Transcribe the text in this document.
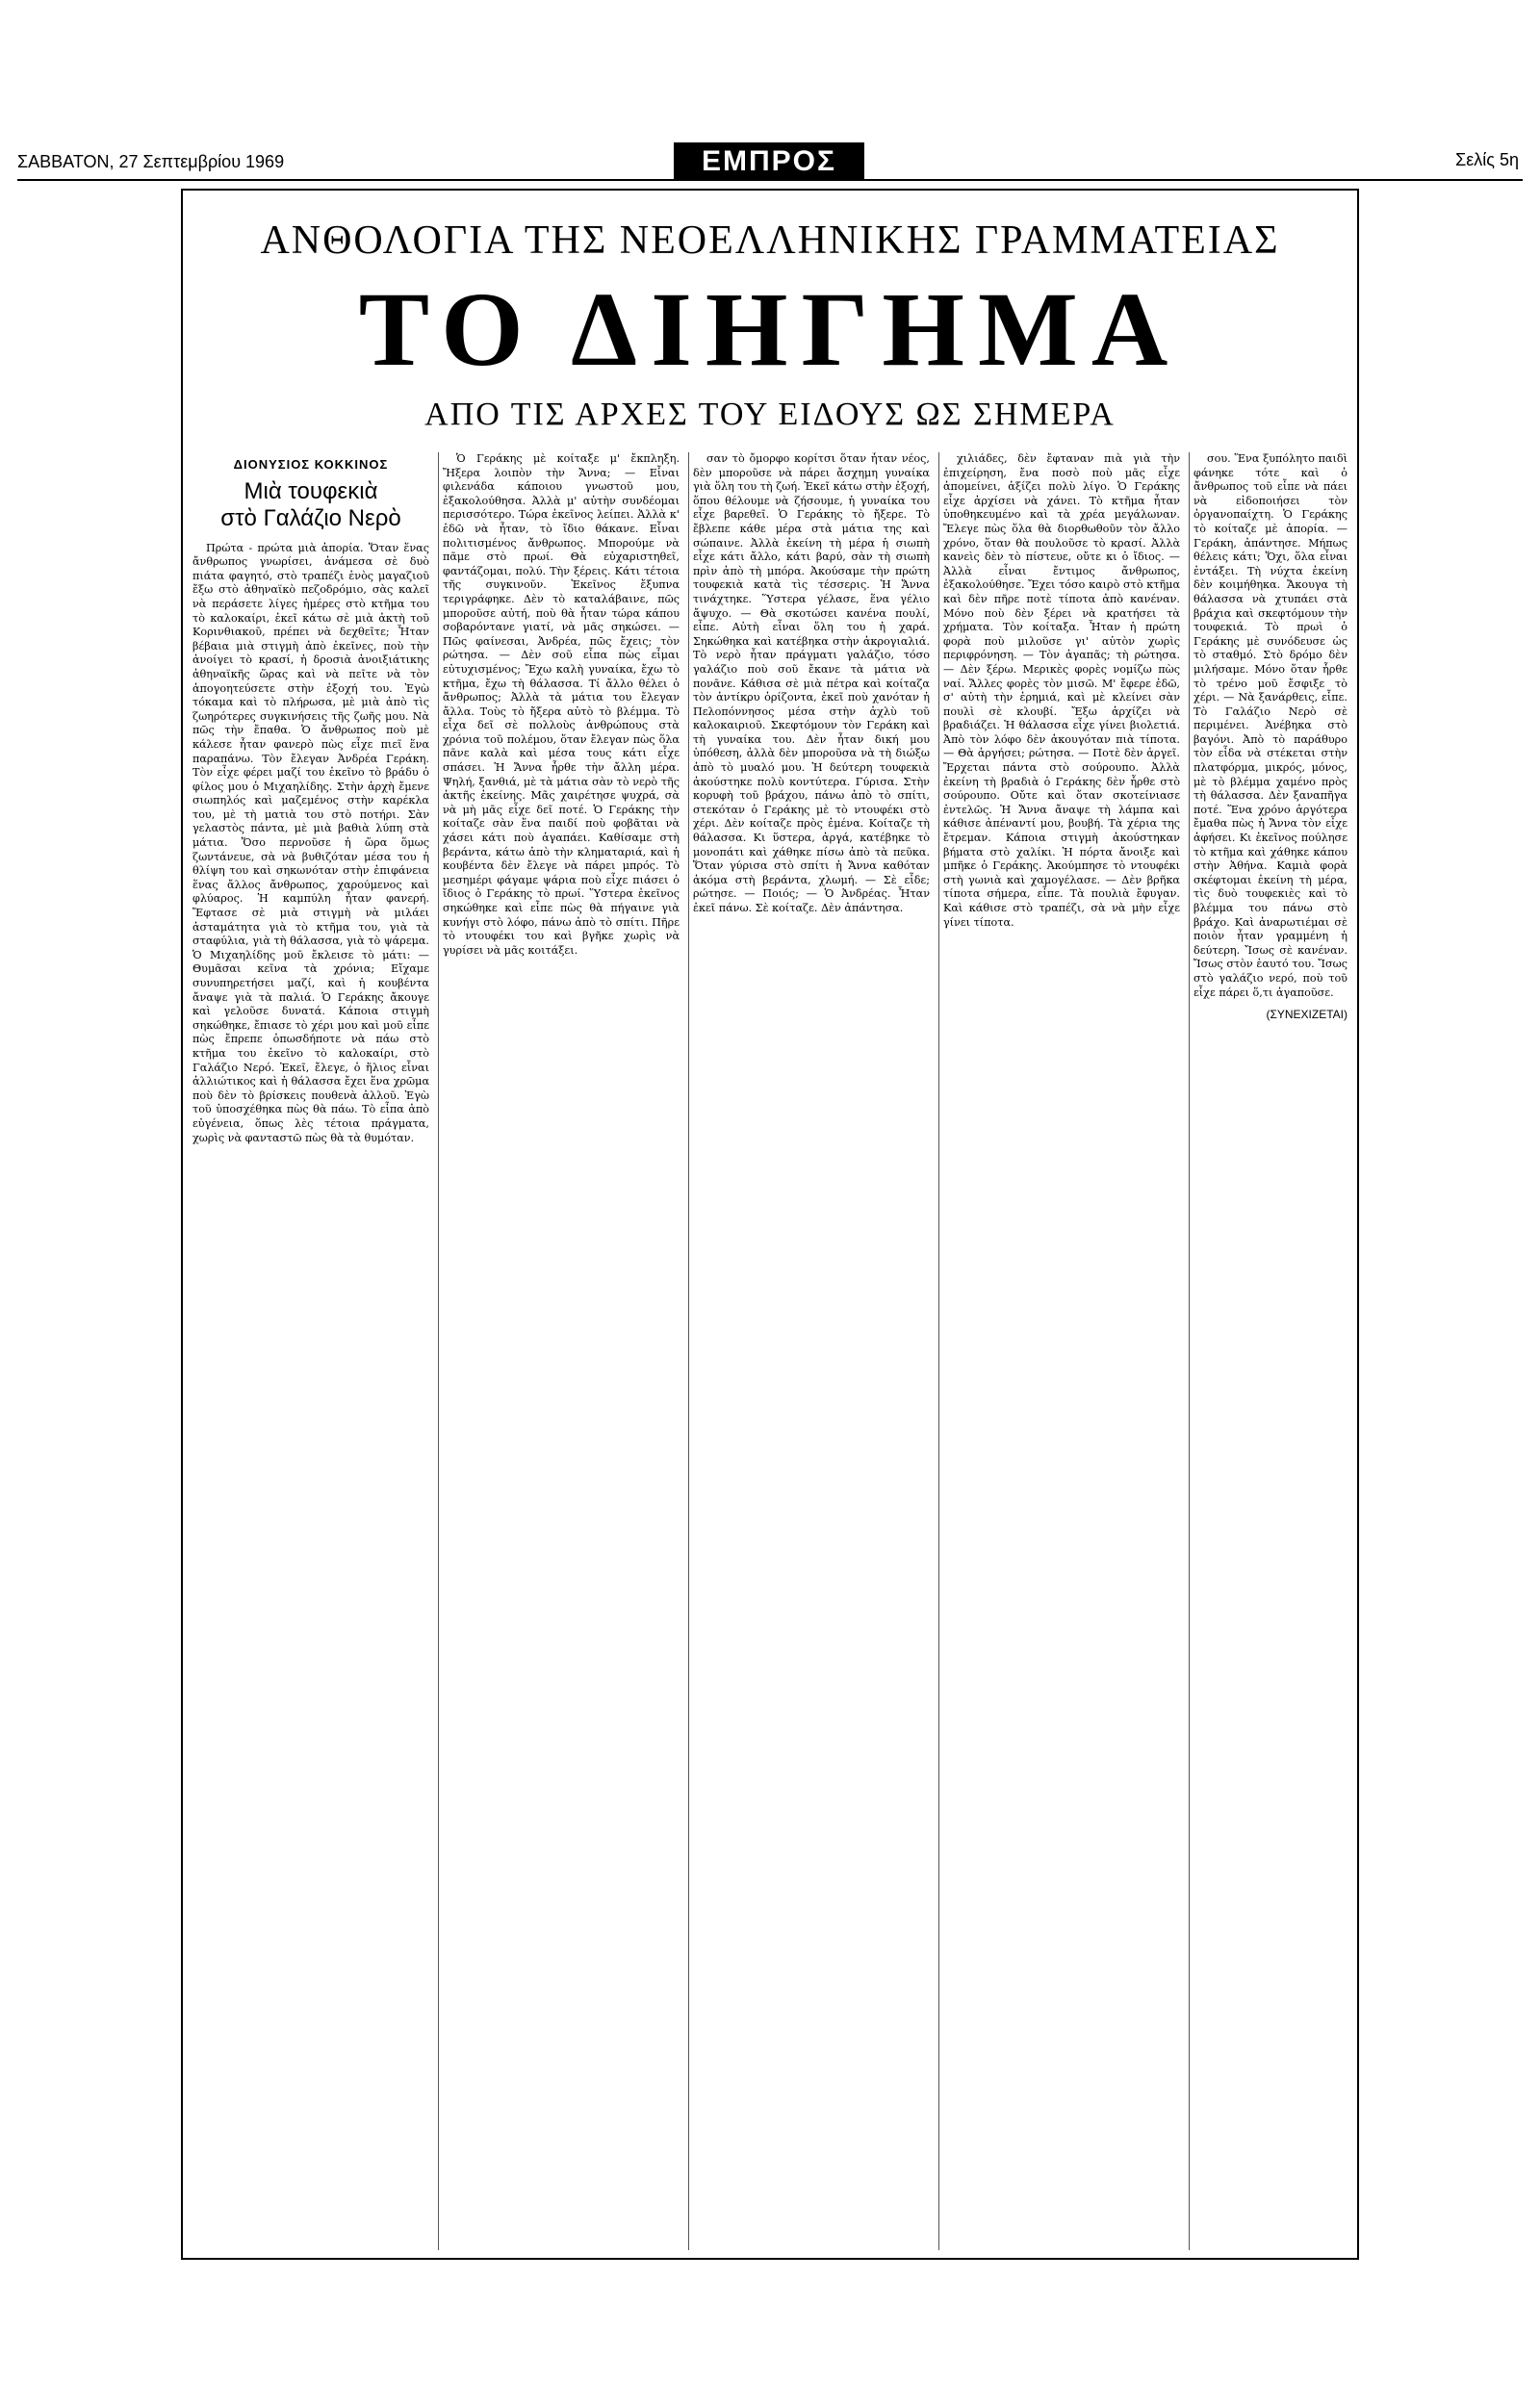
ΣΑΒΒΑΤΟΝ, 27 Σεπτεμβρίου 1969	ΕΜΠΡΟΣ	Σελίς 5η
ΑΝΘΟΛΟΓΙΑ ΤΗΣ ΝΕΟΕΛΛΗΝΙΚΗΣ ΓΡΑΜΜΑΤΕΙΑΣ
ΤΟ ΔΙΗΓΗΜΑ
ΑΠΟ ΤΙΣ ΑΡΧΕΣ ΤΟΥ ΕΙΔΟΥΣ ΩΣ ΣΗΜΕΡΑ
ΔΙΟΝΥΣΙΟΣ ΚΟΚΚΙΝΟΣ
Μιὰ τουφεκιὰ
στὸ Γαλάζιο Νερὸ

Πρώτα - πρώτα μιὰ ἀπορία. Ὅταν ἕνας ἄνθρωπος γνωρίσει, ἀνάμεσα σὲ δυὸ πιάτα φαγητό, στὸ τραπέζι ἑνὸς μαγαζιοῦ ἔξω στὸ ἀθηναϊκὸ πεζοδρόμιο, σὰς καλεῖ νὰ περάσετε λίγες ἡμέρες στὸ κτῆμα του τὸ καλοκαίρι, ἐκεῖ κάτω σὲ μιὰ ἀκτὴ τοῦ Κορινθιακοῦ, πρέπει νὰ δεχθεῖτε; Ἦταν βέβαια μιὰ στιγμὴ ἀπὸ ἐκεῖνες, ποὺ τὴν ἀνοίγει τὸ κρασί, ἡ δροσιὰ ἀνοιξιάτικης ἀθηναϊκῆς ὥρας καὶ νὰ πεῖτε νὰ τὸν ἀπογοητεύσετε στὴν ἐξοχή του. Ἐγὼ τόκαμα καὶ τὸ πλήρωσα, μὲ μιὰ ἀπὸ τὶς ζωηρότερες συγκινήσεις τῆς ζωῆς μου. Νὰ πῶς τὴν ἔπαθα. Ὁ ἄνθρωπος ποὺ μὲ κάλεσε ἦταν φανερὸ πὼς εἶχε πιεῖ ἕνα παραπάνω. Τὸν ἔλεγαν Ἀνδρέα Γεράκη. Τὸν εἶχε φέρει μαζί του ἐκεῖνο τὸ βράδυ ὁ φίλος μου ὁ Μιχαηλίδης. Στὴν ἀρχὴ ἔμενε σιωπηλός καὶ μαζεμένος στὴν καρέκλα του, μὲ τὴ ματιὰ του στὸ ποτήρι. Σὰν γελαστὸς πάντα, μὲ μιὰ βαθιὰ λύπη στὰ μάτια. Ὅσο περνοῦσε ἡ ὥρα ὅμως ζωντάνευε, σὰ νὰ βυθιζόταν μέσα του ἡ θλίψη του καὶ σηκωνόταν στὴν ἐπιφάνεια ἕνας ἄλλος ἄνθρωπος, χαρούμενος καὶ φλύαρος. Ἡ καμπύλη ἦταν φανερή. Ἔφτασε σὲ μιὰ στιγμὴ νὰ μιλάει ἀσταμάτητα γιὰ τὸ κτῆμα του, γιὰ τὰ σταφύλια, γιὰ τὴ θάλασσα, γιὰ τὸ ψάρεμα. Ὁ Μιχαηλίδης μοῦ ἔκλεισε τὸ μάτι: — Θυμᾶσαι κεῖνα τὰ χρόνια; Εἴχαμε συνυπηρετήσει μαζί, καὶ ἡ κουβέντα ἄναψε γιὰ τὰ παλιά. Ὁ Γεράκης ἄκουγε καὶ γελοῦσε δυνατά. Κάποια στιγμὴ σηκώθηκε, ἔπιασε τὸ χέρι μου καὶ μοῦ εἶπε πὼς ἔπρεπε ὁπωσδήποτε νὰ πάω στὸ κτῆμα του ἐκεῖνο τὸ καλοκαίρι, στὸ Γαλάζιο Νερό. Ἐκεῖ, ἔλεγε, ὁ ἥλιος εἶναι ἀλλιώτικος καὶ ἡ θάλασσα ἔχει ἕνα χρῶμα ποὺ δὲν τὸ βρίσκεις πουθενὰ ἀλλοῦ. Ἐγὼ τοῦ ὑποσχέθηκα πὼς θὰ πάω. Τὸ εἶπα ἀπὸ εὐγένεια, ὅπως λὲς τέτοια πράγματα, χωρὶς νὰ φανταστῶ πὼς θὰ τὰ θυμόταν.

Ὁ Γεράκης μὲ κοίταξε μ' ἔκπληξη. Ἤξερα λοιπὸν τὴν Ἄννα; — Εἶναι φιλενάδα κάποιου γνωστοῦ μου, ἐξακολούθησα. Ἀλλὰ μ' αὐτὴν συνδέομαι περισσότερο. Τώρα ἐκεῖνος λείπει. Ἀλλὰ κ' ἐδῶ νὰ ἦταν, τὸ ἴδιο θάκανε. Εἶναι πολιτισμένος ἄνθρωπος. Μπορούμε νὰ πᾶμε στὸ πρωί. Θὰ εὐχαριστηθεῖ, φαντάζομαι, πολύ. Τὴν ξέρεις. Κάτι τέτοια τῆς συγκινοῦν. Ἐκεῖνος ἔξυπνα τεριγράφηκε. Δὲν τὸ καταλάβαινε, πῶς μποροῦσε αὐτή, ποὺ θὰ ἦταν τώρα κάπου σοβαρόντανε γιατί, νὰ μᾶς σηκώσει. — Πῶς φαίνεσαι, Ἀνδρέα, πῶς ἔχεις; τὸν ρώτησα. — Δὲν σοῦ εἶπα πὼς εἶμαι εὐτυχισμένος; Ἔχω καλὴ γυναίκα, ἔχω τὸ κτῆμα, ἔχω τὴ θάλασσα. Τί ἄλλο θέλει ὁ ἄνθρωπος; Ἀλλὰ τὰ μάτια του ἔλεγαν ἄλλα. Τοὺς τὸ ἤξερα αὐτὸ τὸ βλέμμα. Τὸ εἶχα δεῖ σὲ πολλοὺς ἀνθρώπους στὰ χρόνια τοῦ πολέμου, ὅταν ἔλεγαν πὼς ὅλα πᾶνε καλὰ καὶ μέσα τους κάτι εἶχε σπάσει. Ἡ Ἄννα ἦρθε τὴν ἄλλη μέρα. Ψηλή, ξανθιά, μὲ τὰ μάτια σὰν τὸ νερὸ τῆς ἀκτῆς ἐκείνης. Μᾶς χαιρέτησε ψυχρά, σὰ νὰ μὴ μᾶς εἶχε δεῖ ποτέ. Ὁ Γεράκης τὴν κοίταζε σὰν ἕνα παιδί ποὺ φοβᾶται νὰ χάσει κάτι ποὺ ἀγαπάει. Καθίσαμε στὴ βεράντα, κάτω ἀπὸ τὴν κληματαριά, καὶ ἡ κουβέντα δὲν ἔλεγε νὰ πάρει μπρός. Τὸ μεσημέρι φάγαμε ψάρια ποὺ εἶχε πιάσει ὁ ἴδιος ὁ Γεράκης τὸ πρωί. Ὕστερα ἐκεῖνος σηκώθηκε καὶ εἶπε πὼς θὰ πήγαινε γιὰ κυνήγι στὸ λόφο, πάνω ἀπὸ τὸ σπίτι. Πῆρε τὸ ντουφέκι του καὶ βγῆκε χωρὶς νὰ γυρίσει νὰ μᾶς κοιτάξει.

σαν τὸ ὄμορφο κορίτσι ὅταν ἦταν νέος, δὲν μποροῦσε νὰ πάρει ἄσχημη γυναίκα γιὰ ὅλη του τὴ ζωή. Ἐκεῖ κάτω στὴν ἐξοχή, ὅπου θέλουμε νὰ ζήσουμε, ἡ γυναίκα του εἶχε βαρεθεῖ. Ὁ Γεράκης τὸ ἤξερε. Τὸ ἔβλεπε κάθε μέρα στὰ μάτια της καὶ σώπαινε. Ἀλλὰ ἐκείνη τὴ μέρα ἡ σιωπὴ εἶχε κάτι ἄλλο, κάτι βαρύ, σὰν τὴ σιωπὴ πρὶν ἀπὸ τὴ μπόρα. Ἀκούσαμε τὴν πρώτη τουφεκιὰ κατὰ τὶς τέσσερις. Ἡ Ἄννα τινάχτηκε. Ὕστερα γέλασε, ἕνα γέλιο ἄψυχο. — Θὰ σκοτώσει κανένα πουλί, εἶπε. Αὐτὴ εἶναι ὅλη του ἡ χαρά. Σηκώθηκα καὶ κατέβηκα στὴν ἀκρογιαλιά. Τὸ νερὸ ἦταν πράγματι γαλάζιο, τόσο γαλάζιο ποὺ σοῦ ἔκανε τὰ μάτια νὰ πονᾶνε. Κάθισα σὲ μιὰ πέτρα καὶ κοίταζα τὸν ἀντίκρυ ὁρίζοντα, ἐκεῖ ποὺ χανόταν ἡ Πελοπόννησος μέσα στὴν ἀχλὺ τοῦ καλοκαιριοῦ. Σκεφτόμουν τὸν Γεράκη καὶ τὴ γυναίκα του. Δὲν ἦταν δική μου ὑπόθεση, ἀλλὰ δὲν μποροῦσα νὰ τὴ διώξω ἀπὸ τὸ μυαλό μου. Ἡ δεύτερη τουφεκιὰ ἀκούστηκε πολὺ κοντύτερα. Γύρισα. Στὴν κορυφὴ τοῦ βράχου, πάνω ἀπὸ τὸ σπίτι, στεκόταν ὁ Γεράκης μὲ τὸ ντουφέκι στὸ χέρι. Δὲν κοίταζε πρὸς ἐμένα. Κοίταζε τὴ θάλασσα. Κι ὕστερα, ἀργά, κατέβηκε τὸ μονοπάτι καὶ χάθηκε πίσω ἀπὸ τὰ πεῦκα. Ὅταν γύρισα στὸ σπίτι ἡ Ἄννα καθόταν ἀκόμα στὴ βεράντα, χλωμή. — Σὲ εἶδε; ρώτησε. — Ποιός; — Ὁ Ἀνδρέας. Ἦταν ἐκεῖ πάνω. Σὲ κοίταζε. Δὲν ἀπάντησα.

χιλιάδες, δὲν ἔφταναν πιὰ γιὰ τὴν ἐπιχείρηση, ἔνα ποσὸ ποὺ μᾶς εἶχε ἀπομείνει, ἀξίζει πολὺ λίγο. Ὁ Γεράκης εἶχε ἀρχίσει νὰ χάνει. Τὸ κτῆμα ἦταν ὑποθηκευμένο καὶ τὰ χρέα μεγάλωναν. Ἔλεγε πὼς ὅλα θὰ διορθωθοῦν τὸν ἄλλο χρόνο, ὅταν θὰ πουλοῦσε τὸ κρασί. Ἀλλὰ κανεὶς δὲν τὸ πίστευε, οὔτε κι ὁ ἴδιος. — Ἀλλὰ εἶναι ἔντιμος ἄνθρωπος, ἐξακολούθησε. Ἔχει τόσο καιρὸ στὸ κτῆμα καὶ δὲν πῆρε ποτὲ τίποτα ἀπὸ κανέναν. Μόνο ποὺ δὲν ξέρει νὰ κρατήσει τὰ χρήματα. Τὸν κοίταξα. Ἦταν ἡ πρώτη φορὰ ποὺ μιλοῦσε γι' αὐτὸν χωρὶς περιφρόνηση. — Τὸν ἀγαπᾶς; τὴ ρώτησα. — Δὲν ξέρω. Μερικὲς φορὲς νομίζω πὼς ναί. Ἄλλες φορὲς τὸν μισῶ. Μ' ἔφερε ἐδῶ, σ' αὐτὴ τὴν ἐρημιά, καὶ μὲ κλείνει σὰν πουλὶ σὲ κλουβί. Ἔξω ἀρχίζει νὰ βραδιάζει. Ἡ θάλασσα εἶχε γίνει βιολετιά. Ἀπὸ τὸν λόφο δὲν ἀκουγόταν πιὰ τίποτα. — Θὰ ἀργήσει; ρώτησα. — Ποτὲ δὲν ἀργεῖ. Ἔρχεται πάντα στὸ σούρουπο. Ἀλλὰ ἐκείνη τὴ βραδιὰ ὁ Γεράκης δὲν ἦρθε στὸ σούρουπο. Οὔτε καὶ ὅταν σκοτείνιασε ἐντελῶς. Ἡ Ἄννα ἄναψε τὴ λάμπα καὶ κάθισε ἀπέναντί μου, βουβή. Τὰ χέρια της ἔτρεμαν. Κάποια στιγμὴ ἀκούστηκαν βήματα στὸ χαλίκι. Ἡ πόρτα ἄνοιξε καὶ μπῆκε ὁ Γεράκης. Ἀκούμπησε τὸ ντουφέκι στὴ γωνιὰ καὶ χαμογέλασε. — Δὲν βρῆκα τίποτα σήμερα, εἶπε. Τὰ πουλιὰ ἔφυγαν. Καὶ κάθισε στὸ τραπέζι, σὰ νὰ μὴν εἶχε γίνει τίποτα.

σου. Ἕνα ξυπόλητο παιδὶ φάνηκε τότε καὶ ὁ ἄνθρωπος τοῦ εἶπε νὰ πάει νὰ εἰδοποιήσει τὸν ὀργανοπαίχτη. Ὁ Γεράκης τὸ κοίταζε μὲ ἀπορία. — Γεράκη, ἀπάντησε. Μήπως θέλεις κάτι; Ὅχι, ὅλα εἶναι ἐντάξει. Τὴ νύχτα ἐκείνη δὲν κοιμήθηκα. Ἄκουγα τὴ θάλασσα νὰ χτυπάει στὰ βράχια καὶ σκεφτόμουν τὴν τουφεκιά. Τὸ πρωὶ ὁ Γεράκης μὲ συνόδευσε ὡς τὸ σταθμό. Στὸ δρόμο δὲν μιλήσαμε. Μόνο ὅταν ἦρθε τὸ τρένο μοῦ ἔσφιξε τὸ χέρι. — Νὰ ξανάρθεις, εἶπε. Τὸ Γαλάζιο Νερὸ σὲ περιμένει. Ἀνέβηκα στὸ βαγόνι. Ἀπὸ τὸ παράθυρο τὸν εἶδα νὰ στέκεται στὴν πλατφόρμα, μικρός, μόνος, μὲ τὸ βλέμμα χαμένο πρὸς τὴ θάλασσα. Δὲν ξαναπῆγα ποτέ. Ἕνα χρόνο ἀργότερα ἔμαθα πὼς ἡ Ἄννα τὸν εἶχε ἀφήσει. Κι ἐκεῖνος πούλησε τὸ κτῆμα καὶ χάθηκε κάπου στὴν Ἀθήνα. Καμιὰ φορὰ σκέφτομαι ἐκείνη τὴ μέρα, τὶς δυὸ τουφεκιὲς καὶ τὸ βλέμμα του πάνω στὸ βράχο. Καὶ ἀναρωτιέμαι σὲ ποιὸν ἦταν γραμμένη ἡ δεύτερη. Ἴσως σὲ κανέναν. Ἴσως στὸν ἑαυτό του. Ἴσως στὸ γαλάζιο νερό, ποὺ τοῦ εἶχε πάρει ὅ,τι ἀγαποῦσε.

(ΣΥΝΕΧΙΖΕΤΑΙ)
